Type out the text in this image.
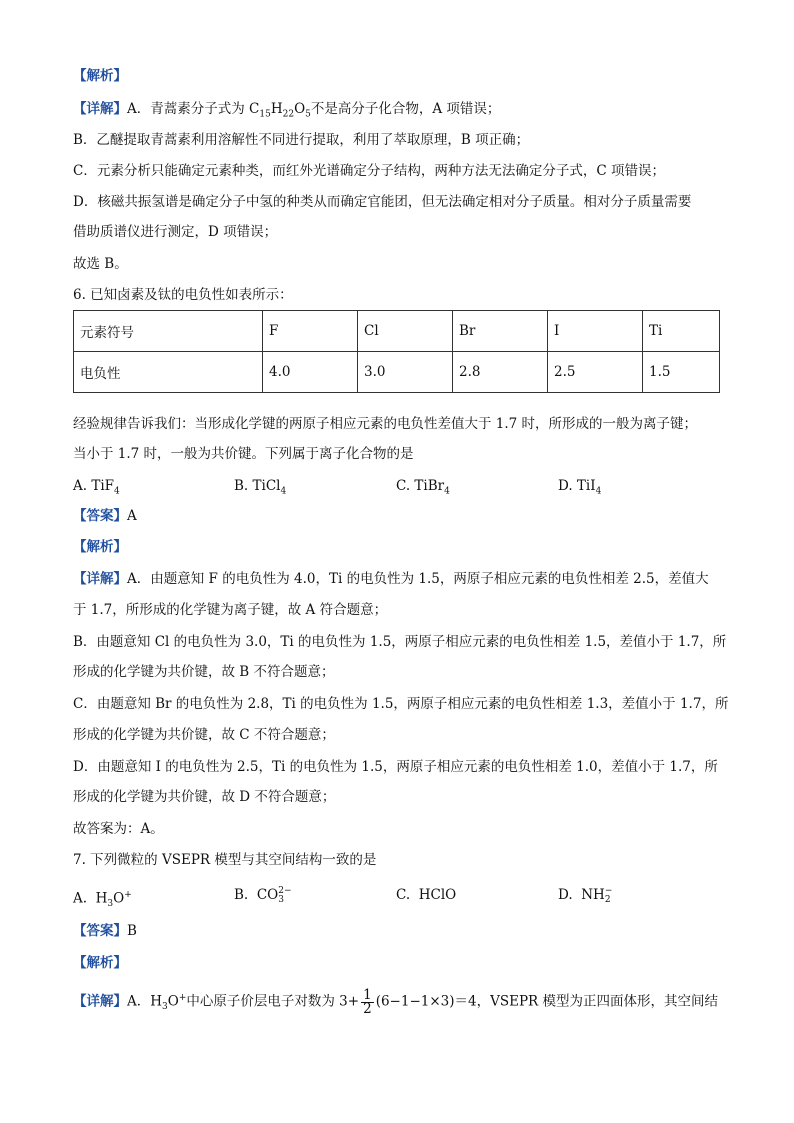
【解析】
【详解】A．青蒿素分子式为 $C_{15}H_{22}O_5$不是高分子化合物，A 项错误；
B．乙醚提取青蒿素利用溶解性不同进行提取，利用了萃取原理，B 项正确；
C．元素分析只能确定元素种类，而红外光谱确定分子结构，两种方法无法确定分子式，C 项错误；
D．核磁共振氢谱是确定分子中氢的种类从而确定官能团，但无法确定相对分子质量。相对分子质量需要
借助质谱仪进行测定，D 项错误；
故选 B。
6. 已知卤素及钛的电负性如表所示：
元素符号	F	Cl	Br	I	Ti
电负性	4.0	3.0	2.8	2.5	1.5
经验规律告诉我们：当形成化学键的两原子相应元素的电负性差值大于 1.7 时，所形成的一般为离子键；
当小于 1.7 时，一般为共价键。下列属于离子化合物的是
A. TiF$_4$	B. TiCl$_4$	C. TiBr$_4$	D. TiI$_4$
【答案】A
【解析】
【详解】A．由题意知 F 的电负性为 4.0，Ti 的电负性为 1.5，两原子相应元素的电负性相差 2.5，差值大
于 1.7，所形成的化学键为离子键，故 A 符合题意；
B．由题意知 Cl 的电负性为 3.0，Ti 的电负性为 1.5，两原子相应元素的电负性相差 1.5，差值小于 1.7，所
形成的化学键为共价键，故 B 不符合题意；
C．由题意知 Br 的电负性为 2.8，Ti 的电负性为 1.5，两原子相应元素的电负性相差 1.3，差值小于 1.7，所
形成的化学键为共价键，故 C 不符合题意；
D．由题意知 I 的电负性为 2.5，Ti 的电负性为 1.5，两原子相应元素的电负性相差 1.0，差值小于 1.7，所
形成的化学键为共价键，故 D 不符合题意；
故答案为：A。
7. 下列微粒的 VSEPR 模型与其空间结构一致的是
A. $H_3O^+$	B. CO 2−
3	C. HClO	D. NH −
2
【答案】B
【解析】
【详解】A．$H_3O^+$中心原子价层电子对数为 $3+ \frac{1}{2} (6-1-1\times 3)=4$，VSEPR 模型为正四面体形，其空间结
